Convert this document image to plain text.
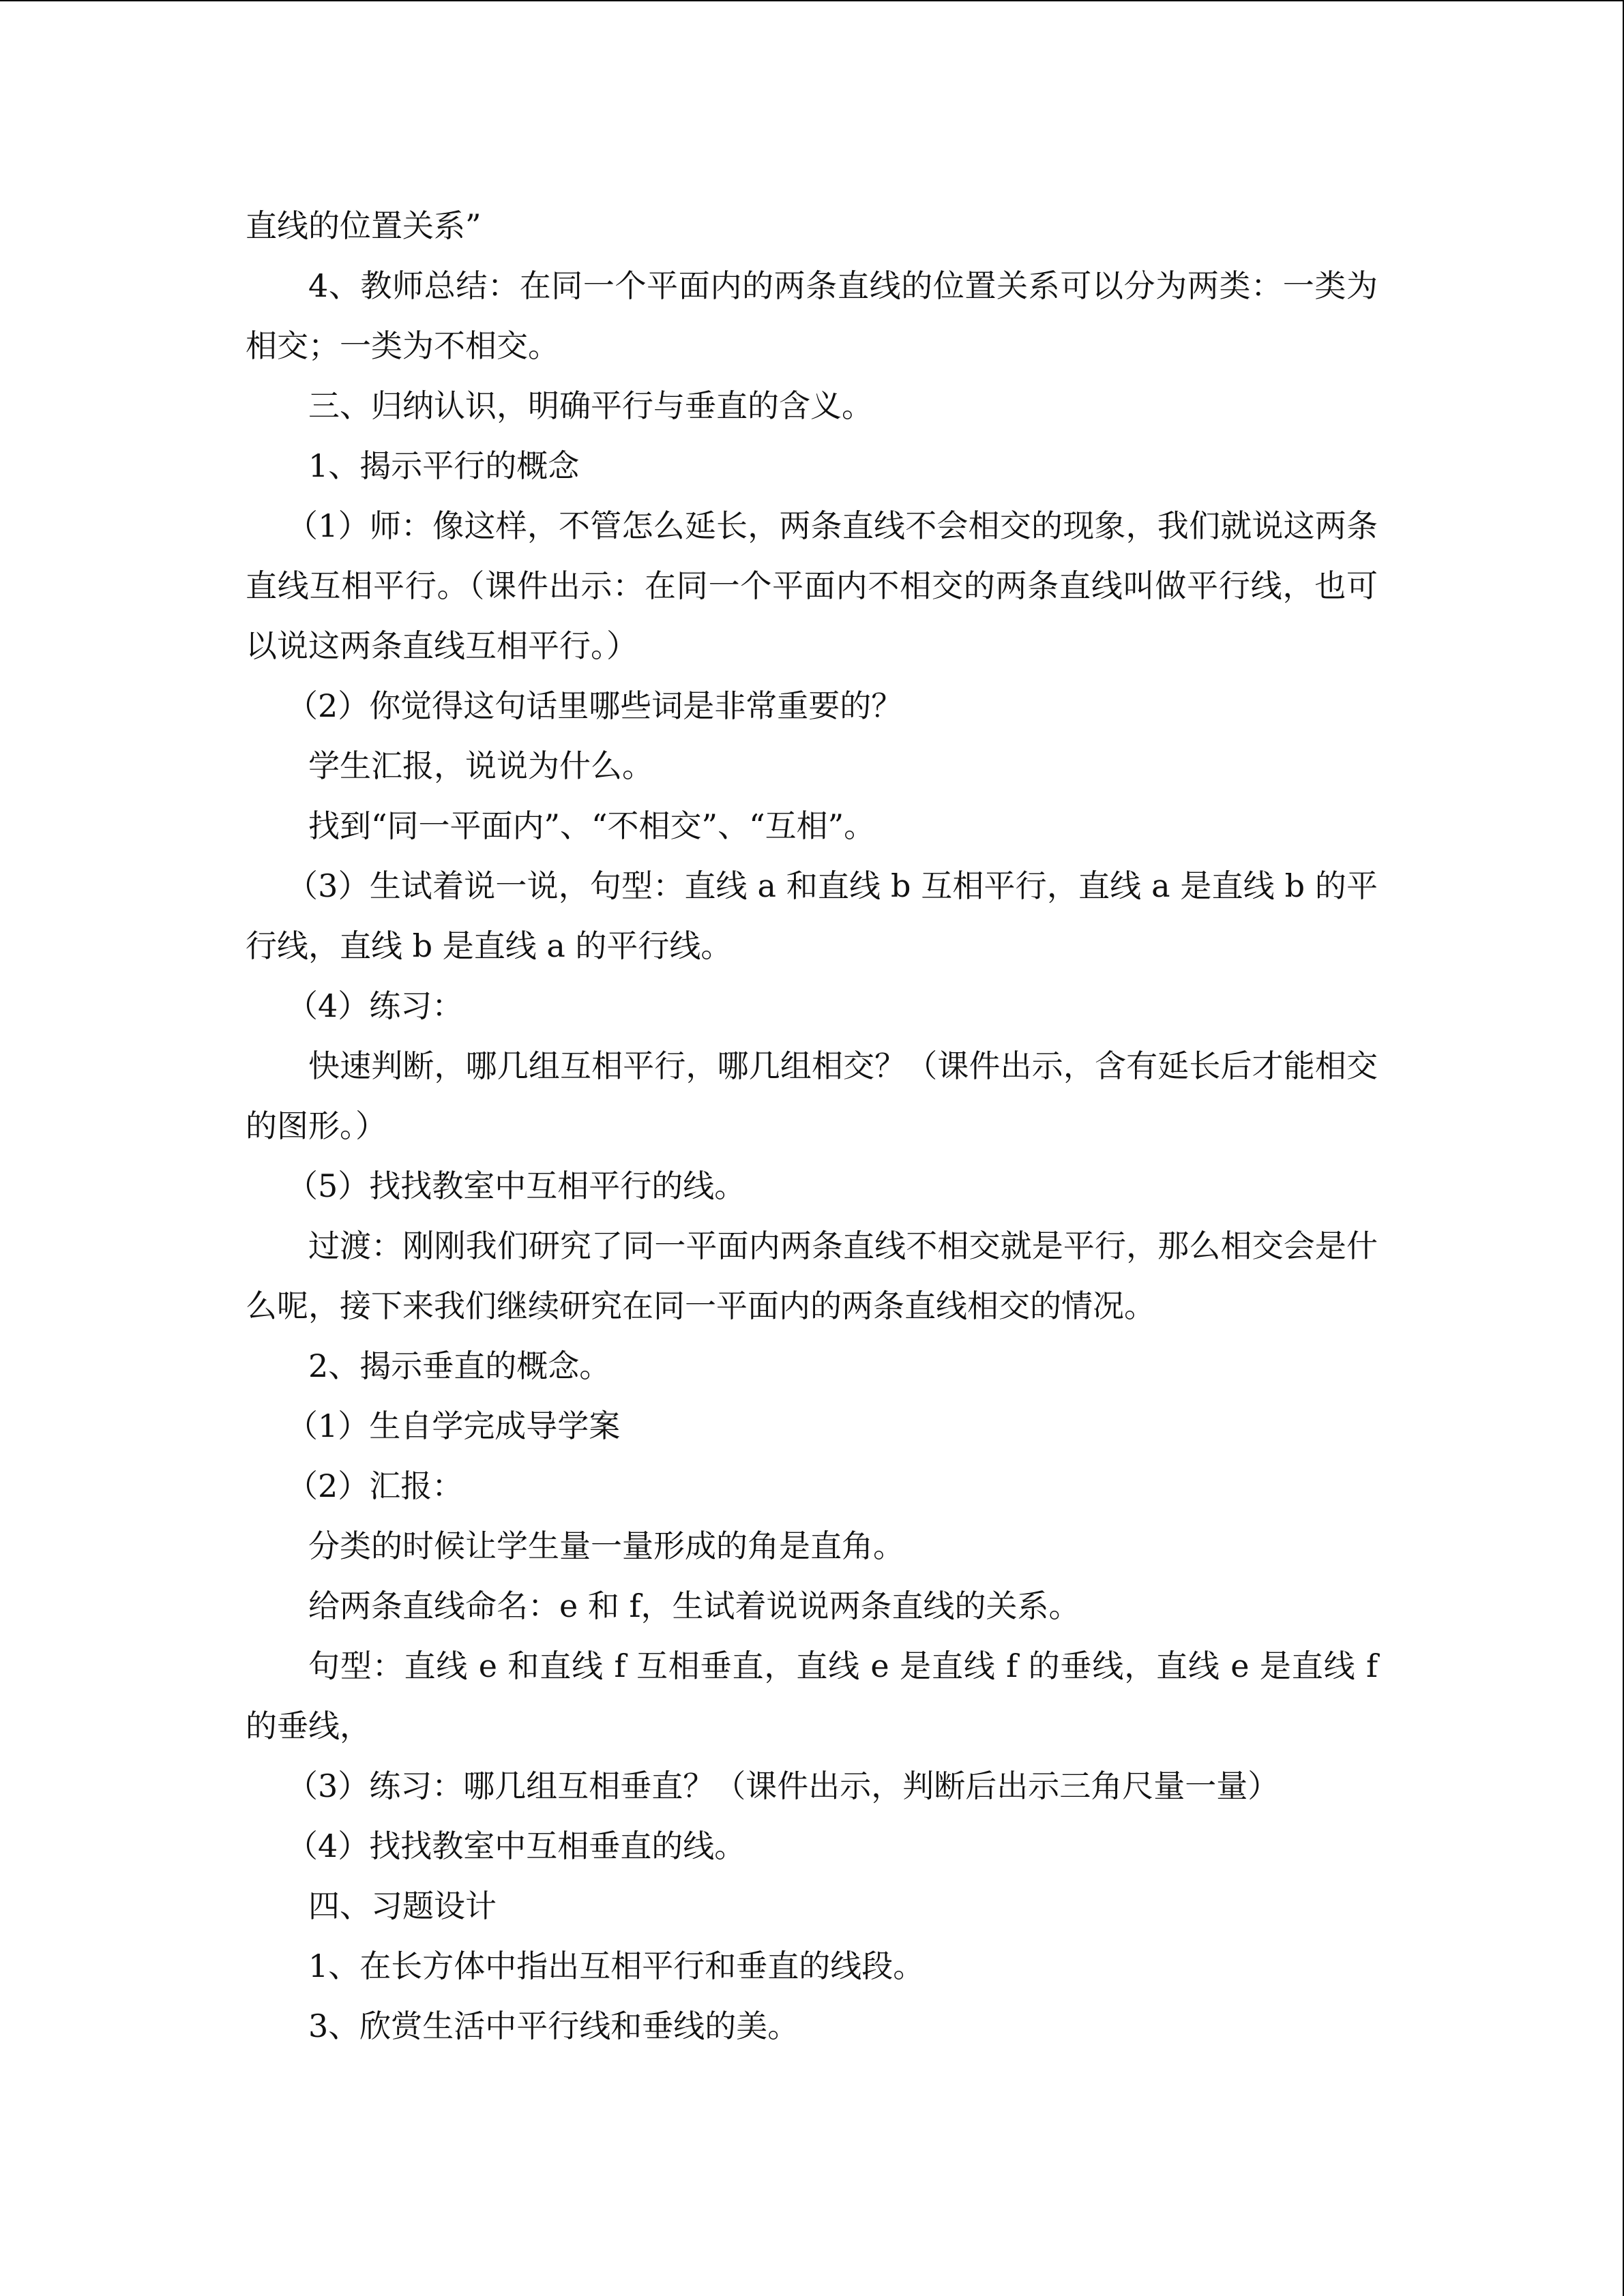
直线的位置关系”

4、教师总结：在同一个平面内的两条直线的位置关系可以分为两类：一类为相交；一类为不相交。

三、归纳认识，明确平行与垂直的含义。

1、揭示平行的概念

（1）师：像这样，不管怎么延长，两条直线不会相交的现象，我们就说这两条直线互相平行。（课件出示：在同一个平面内不相交的两条直线叫做平行线，也可以说这两条直线互相平行。）

（2）你觉得这句话里哪些词是非常重要的？

学生汇报，说说为什么。

找到“同一平面内”、“不相交”、“互相”。

（3）生试着说一说，句型：直线 a 和直线 b 互相平行，直线 a 是直线 b 的平行线，直线 b 是直线 a 的平行线。

（4）练习：

快速判断，哪几组互相平行，哪几组相交？（课件出示，含有延长后才能相交的图形。）

（5）找找教室中互相平行的线。

过渡：刚刚我们研究了同一平面内两条直线不相交就是平行，那么相交会是什么呢，接下来我们继续研究在同一平面内的两条直线相交的情况。

2、揭示垂直的概念。

（1）生自学完成导学案

（2）汇报：

分类的时候让学生量一量形成的角是直角。

给两条直线命名：e 和 f，生试着说说两条直线的关系。

句型：直线 e 和直线 f 互相垂直，直线 e 是直线 f 的垂线，直线 e 是直线 f 的垂线，

（3）练习：哪几组互相垂直？（课件出示，判断后出示三角尺量一量）

（4）找找教室中互相垂直的线。

四、习题设计

1、在长方体中指出互相平行和垂直的线段。

3、欣赏生活中平行线和垂线的美。
